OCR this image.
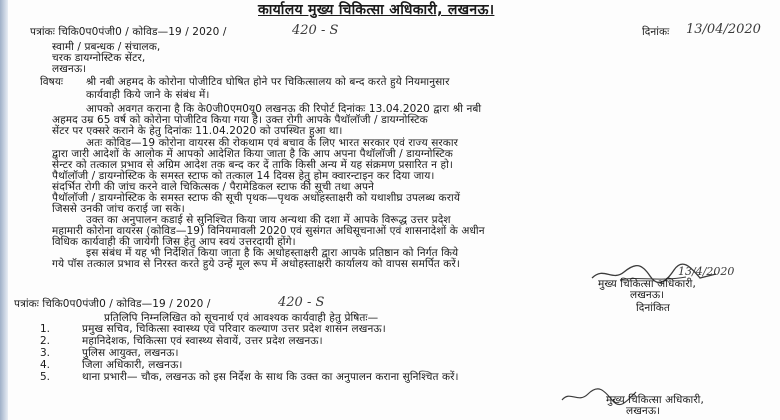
कार्यालय मुख्य चिकित्सा अधिकारी, लखनऊ।
पत्रांकः चिकि0प0पंजी0 / कोविड—19 / 2020 /	420 - S	दिनांकः 13/04/2020
स्वामी / प्रबन्धक / संचालक,
चरक डायग्नोस्टिक सेंटर,
लखनऊ।
विषयः श्री नबी अहमद के कोरोना पोजीटिव घोषित होने पर चिकित्सालय को बन्द करते हुये नियमानुसार
कार्यवाही किये जाने के संबंध में।
आपको अवगत कराना है कि के0जी0एम0यू0 लखनऊ की रिपोर्ट दिनांकः 13.04.2020 द्वारा श्री नबी
अहमद उम्र 65 वर्ष को कोरोना पोजीटिव किया गया है। उक्त रोगी आपके पैथॉलॉजी / डायग्नोस्टिक
सेंटर पर एक्सरे कराने के हेतु दिनांकः 11.04.2020 को उपस्थित हुआ था।
अतः कोविड—19 कोरोना वायरस की रोकथाम एवं बचाव के लिए भारत सरकार एवं राज्य सरकार
द्वारा जारी आदेशों के आलोक में आपको आदेशित किया जाता है कि आप अपना पैथॉलॉजी / डायग्नोस्टिक
सेन्टर को तत्काल प्रभाव से अग्रिम आदेश तक बन्द कर दें ताकि किसी अन्य में यह संक्रमण प्रसारित न हो।
पैथॉलॉजी / डायग्नोस्टिक के समस्त स्टाफ को तत्काल 14 दिवस हेतु होम क्वारन्टाइन कर दिया जाय।
संदर्भित रोगी की जांच करने वाले चिकित्सक / पैरामेडिकल स्टाफ की सूची तथा अपने
पैथॉलॉजी / डायग्नोस्टिक के समस्त स्टाफ की सूची पृथक—पृथक अधोहस्ताक्षरी को यथाशीघ्र उपलब्ध करायें
जिससे उनकी जांच कराई जा सके।
उक्त का अनुपालन कडाई से सुनिश्चित किया जाय अन्यथा की दशा में आपके विरूद्ध उत्तर प्रदेश
महामारी कोरोना वायरस (कोविड—19) विनियमावली 2020 एवं सुसंगत अधिसूचनाओं एवं शासनादेशों के अधीन
विधिक कार्यवाही की जायेगी जिस हेतु आप स्वयं उत्तरदायी होंगे।
इस संबंध में यह भी निर्देशित किया जाता है कि अधोहस्ताक्षरी द्वारा आपके प्रतिष्ठान को निर्गत किये
गये पॉस तत्काल प्रभाव से निरस्त करते हुये उन्हें मूल रूप में अधोहस्ताक्षरी कार्यालय को वापस समर्पित करें।
13/4/2020
मुख्य चिकित्सा अधिकारी,
लखनऊ।
पत्रांकः चिकि0प0पंजी0 / कोविड—19 / 2020 /	420 - S	दिनांकित
प्रतिलिपि निम्नलिखित को सूचनार्थ एवं आवश्यक कार्यवाही हेतु प्रेषितः—
1.	प्रमुख सचिव, चिकित्सा स्वास्थ्य एवं परिवार कल्याण उत्तर प्रदेश शासन लखनऊ।
2.	महानिदेशक, चिकित्सा एवं स्वास्थ्य सेवायें, उत्तर प्रदेश लखनऊ।
3.	पुलिस आयुक्त, लखनऊ।
4.	जिला अधिकारी, लखनऊ।
5.	थाना प्रभारी— चौक, लखनऊ को इस निर्देश के साथ कि उक्त का अनुपालन कराना सुनिश्चित करें।
मुख्य चिकित्सा अधिकारी,
लखनऊ।
